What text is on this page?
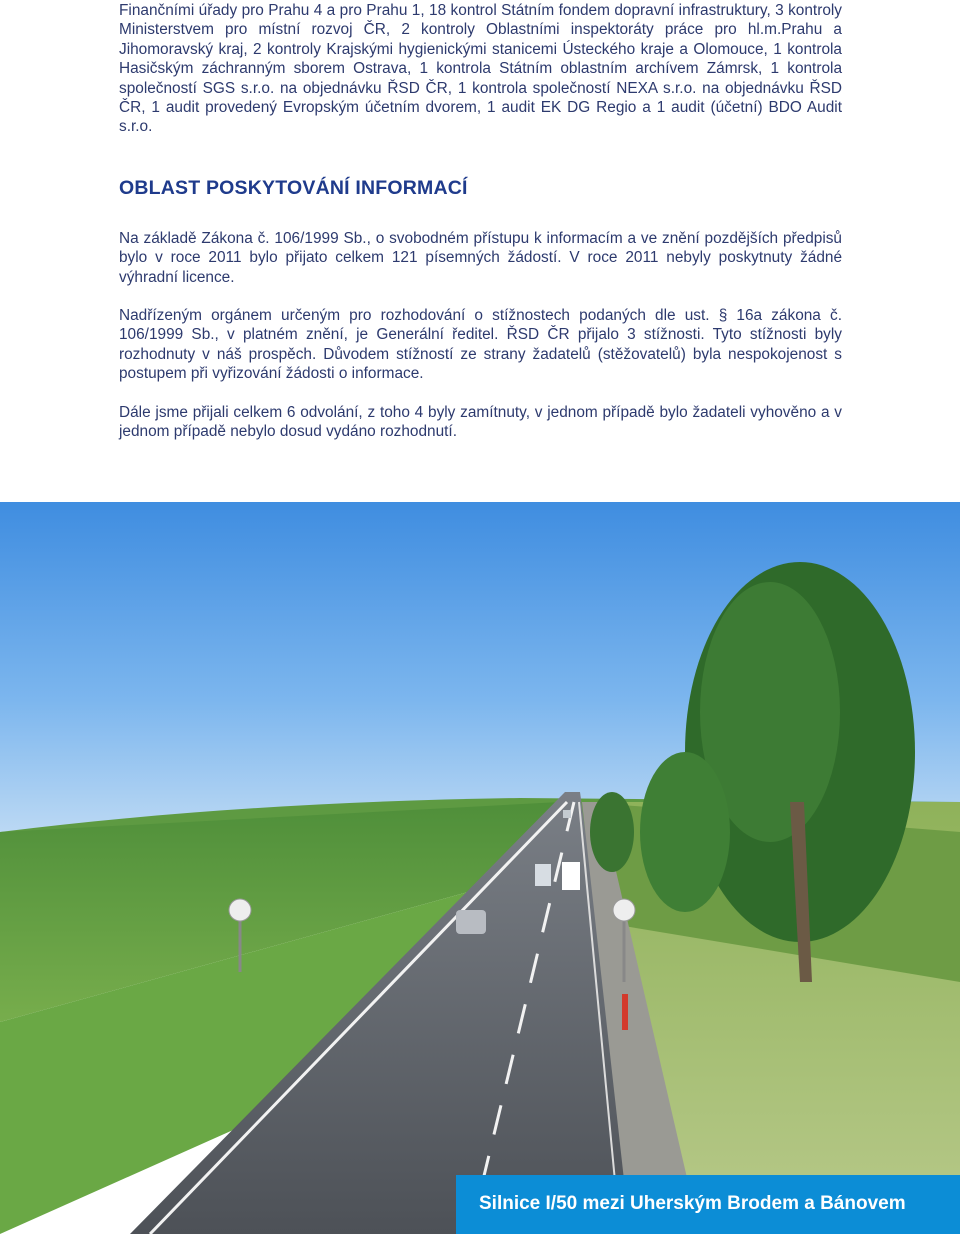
Finančními úřady pro Prahu 4 a pro Prahu 1, 18 kontrol Státním fondem dopravní infrastruktury, 3 kontroly Ministerstvem pro místní rozvoj ČR, 2 kontroly Oblastními inspektoráty práce pro hl.m.Prahu a Jihomoravský kraj, 2 kontroly Krajskými hygienickými stanicemi Ústeckého kraje a Olomouce, 1 kontrola Hasičským záchranným sborem Ostrava, 1 kontrola Státním oblastním archívem Zámrsk, 1 kontrola společností SGS s.r.o. na objednávku ŘSD ČR, 1 kontrola společností NEXA s.r.o. na objednávku ŘSD ČR, 1 audit provedený Evropským účetním dvorem, 1 audit EK DG Regio a 1 audit (účetní) BDO Audit s.r.o.

OBLAST POSKYTOVÁNÍ INFORMACÍ

Na základě Zákona č. 106/1999 Sb., o svobodném přístupu k informacím a ve znění pozdějších předpisů bylo v roce 2011 bylo přijato celkem 121 písemných žádostí. V roce 2011 nebyly poskytnuty žádné výhradní licence.

Nadřízeným orgánem určeným pro rozhodování o stížnostech podaných dle ust. § 16a zákona č. 106/1999 Sb., v platném znění, je Generální ředitel. ŘSD ČR přijalo 3 stížnosti. Tyto stížnosti byly rozhodnuty v náš prospěch. Důvodem stížností ze strany žadatelů (stěžovatelů) byla nespokojenost s postupem při vyřizování žádosti o informace.

Dále jsme přijali celkem 6 odvolání, z toho 4 byly zamítnuty, v jednom případě bylo žadateli vyhověno a v jednom případě nebylo dosud vydáno rozhodnutí.

Silnice I/50 mezi Uherským Brodem a Bánovem
